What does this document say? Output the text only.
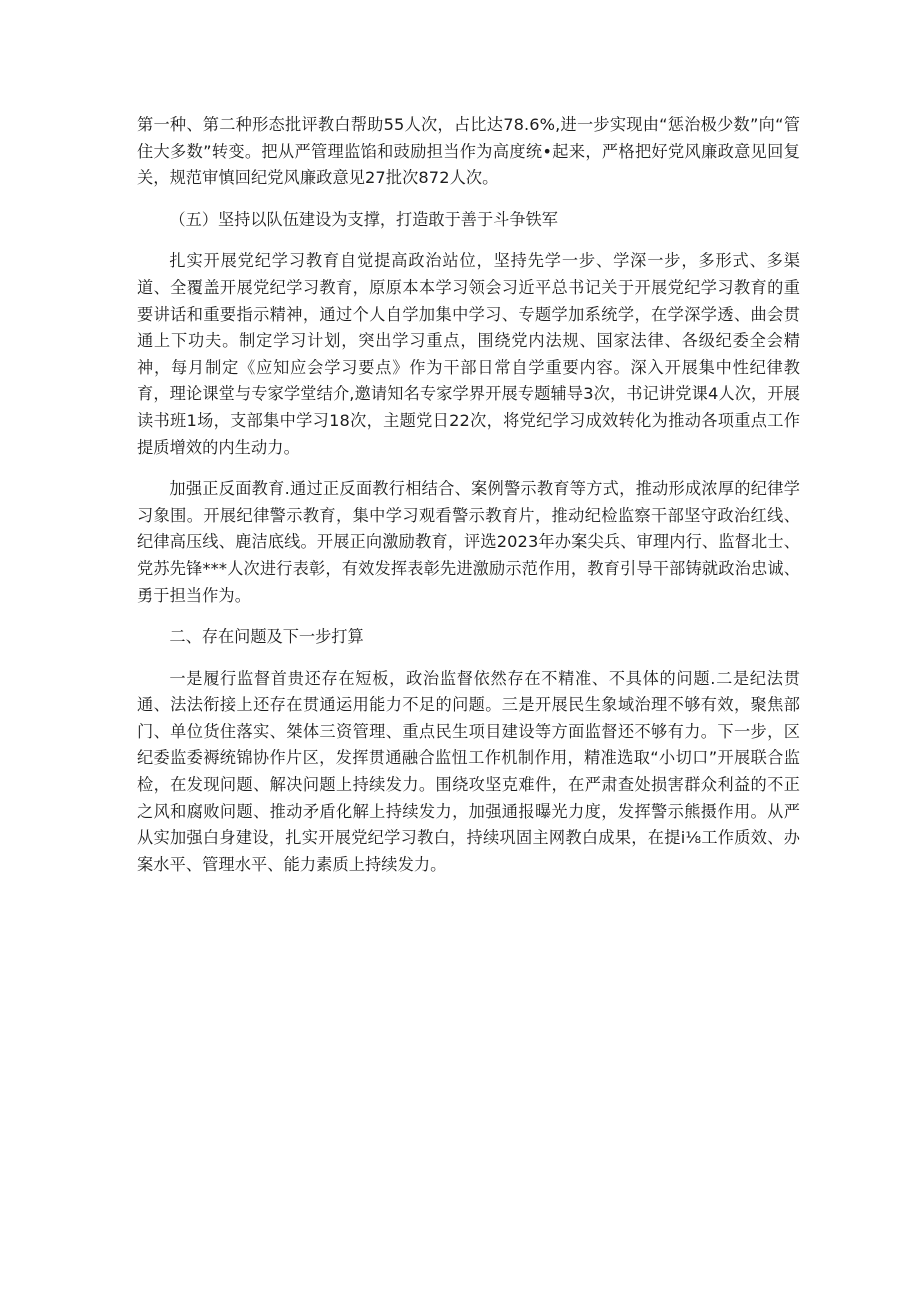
第一种、第二种形态批评教白帮助55人次，占比达78.6%,进一步实现由“惩治极少数”向“管住大多数”转变。把从严管理监馅和豉励担当作为高度统•起来，严格把好党风廉政意见回复关，规范审慎回纪党风廉政意见27批次872人次。

（五）坚持以队伍建设为支撑，打造敢于善于斗争铁军

扎实开展党纪学习教育自觉提高政治站位，坚持先学一步、学深一步，多形式、多渠道、全覆盖开展党纪学习教育，原原本本学习领会习近平总书记关于开展党纪学习教育的重要讲话和重要指示精神，通过个人自学加集中学习、专题学加系统学，在学深学透、曲会贯通上下功夫。制定学习计划，突出学习重点，围绕党内法规、国家法律、各级纪委全会精神，每月制定《应知应会学习要点》作为干部日常自学重要内容。深入开展集中性纪律教育，理论课堂与专家学堂结介,邀请知名专家学界开展专题辅导3次，书记讲党课4人次，开展读书班1场，支部集中学习18次，主题党日22次，将党纪学习成效转化为推动各项重点工作提质增效的内生动力。

加强正反面教育.通过正反面教行相结合、案例警示教育等方式，推动形成浓厚的纪律学习象围。开展纪律警示教育，集中学习观看警示教育片，推动纪检监察干部坚守政治红线、纪律高压线、鹿洁底线。开展正向激励教育，评选2023年办案尖兵、审理内行、监督北士、党苏先锋***人次进行表彰，有效发挥表彰先进激励示范作用，教育引导干部铸就政治忠诚、勇于担当作为。

二、存在问题及下一步打算

一是履行监督首贵还存在短板，政治监督依然存在不精准、不具体的问题.二是纪法贯通、法法衔接上还存在贯通运用能力不足的问题。三是开展民生象域治理不够有效，聚焦部门、单位货住落实、桀体三资管理、重点民生项目建设等方面监督还不够有力。下一步，区纪委监委褥统锦协作片区，发挥贯通融合监忸工作机制作用，精准选取“小切口”开展联合监检，在发现问题、解决问题上持续发力。围绕攻坚克难件，在严肃查处损害群众利益的不正之风和腐败问题、推动矛盾化解上持续发力，加强通报曝光力度，发挥警示熊摄作用。从严从实加强白身建设，扎实开展党纪学习教白，持续巩固主网教白成果，在提i⅛工作质效、办案水平、管理水平、能力素质上持续发力。
